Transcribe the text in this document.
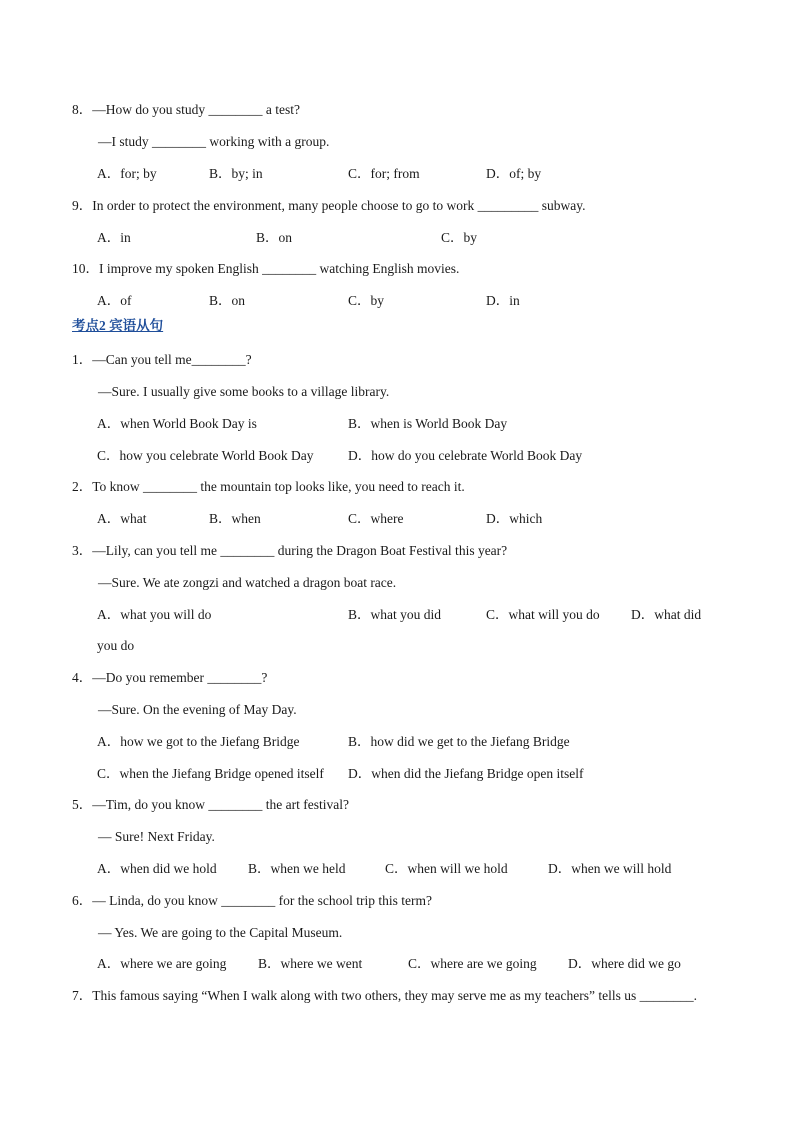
8．—How do you study ________ a test?
—I study ________ working with a group.
A．for; by	B．by; in	C．for; from	D．of; by
9．In order to protect the environment, many people choose to go to work _________ subway.
A．in	B．on	C．by
10．I improve my spoken English ________ watching English movies.
A．of	B．on	C．by	D．in
考点2 宾语从句
1．—Can you tell me________?
—Sure. I usually give some books to a village library.
A．when World Book Day is	B．when is World Book Day
C．how you celebrate World Book Day	D．how do you celebrate World Book Day
2．To know ________ the mountain top looks like, you need to reach it.
A．what	B．when	C．where	D．which
3．—Lily, can you tell me ________ during the Dragon Boat Festival this year?
—Sure. We ate zongzi and watched a dragon boat race.
A．what you will do	B．what you did	C．what will you do D．what did
you do
4．—Do you remember ________?
—Sure. On the evening of May Day.
A．how we got to the Jiefang Bridge	B．how did we get to the Jiefang Bridge
C．when the Jiefang Bridge opened itself D．when did the Jiefang Bridge open itself
5．—Tim, do you know ________ the art festival?
— Sure! Next Friday.
A．when did we hold B．when we held	C．when will we hold	D．when we will hold
6．— Linda, do you know ________ for the school trip this term?
— Yes. We are going to the Capital Museum.
A．where we are going B．where we went	C．where are we going D．where did we go
7．This famous saying “When I walk along with two others, they may serve me as my teachers” tells us ________.
